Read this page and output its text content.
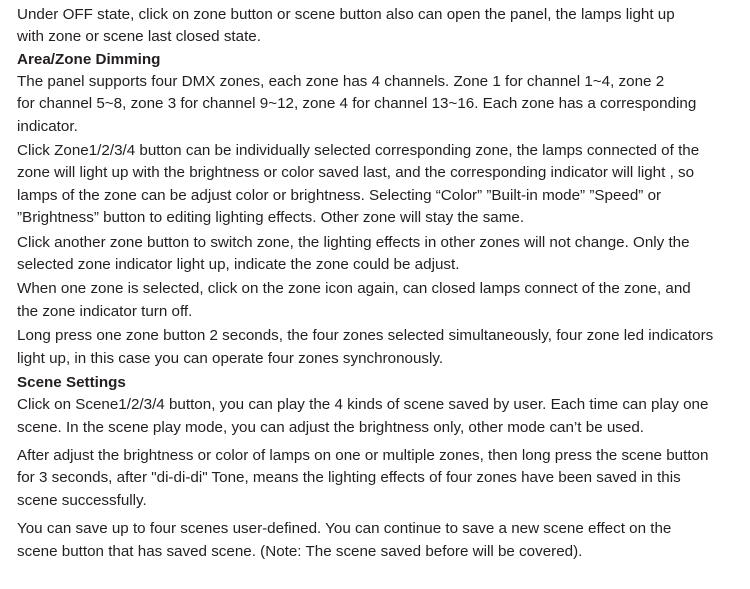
Under OFF state, click on zone button or scene button also can open the panel, the lamps light up
with zone or scene last closed state.

Area/Zone Dimming

The panel supports four DMX zones, each zone has 4 channels. Zone 1 for channel 1~4, zone 2
for channel 5~8, zone 3 for channel 9~12, zone 4 for channel 13~16. Each zone has a corresponding
indicator.

Click Zone1/2/3/4 button can be individually selected corresponding zone, the lamps connected of the
zone will light up with the brightness or color saved last, and the corresponding indicator will light , so
lamps of the zone can be adjust color or brightness. Selecting “Color” ”Built-in mode” ”Speed” or
”Brightness” button to editing lighting effects. Other zone will stay the same.

Click another zone button to switch zone, the lighting effects in other zones will not change. Only the
selected zone indicator light up, indicate the zone could be adjust.

When one zone is selected, click on the zone icon again, can closed lamps connect of the zone, and
the zone indicator turn off.

Long press one zone button 2 seconds, the four zones selected simultaneously, four zone led indicators
light up, in this case you can operate four zones synchronously.

Scene Settings

Click on Scene1/2/3/4 button, you can play the 4 kinds of scene saved by user. Each time can play one
scene. In the scene play mode, you can adjust the brightness only, other mode can’t be used.

After adjust the brightness or color of lamps on one or multiple zones, then long press the scene button
for 3 seconds, after "di-di-di" Tone, means the lighting effects of four zones have been saved in this
scene successfully.

You can save up to four scenes user-defined. You can continue to save a new scene effect on the
scene button that has saved scene. (Note: The scene saved before will be covered).
